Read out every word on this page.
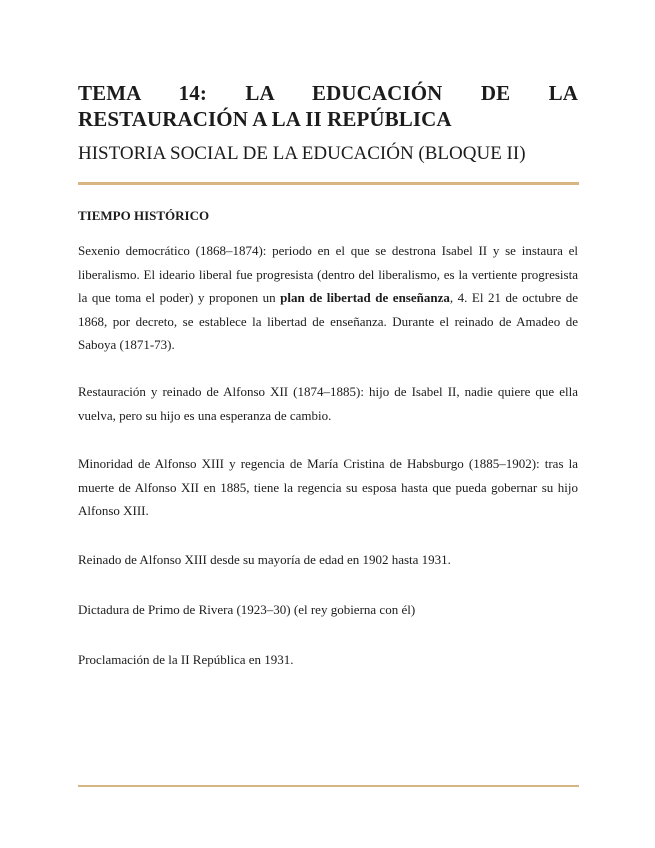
TEMA 14: LA EDUCACIÓN DE LA
RESTAURACIÓN A LA II REPÚBLICA
HISTORIA SOCIAL DE LA EDUCACIÓN (BLOQUE II)
TIEMPO HISTÓRICO

Sexenio democrático (1868–1874): periodo en el que se destrona Isabel II y se instaura el liberalismo. El ideario liberal fue progresista (dentro del liberalismo, es la vertiente progresista la que toma el poder) y proponen un plan de libertad de enseñanza, 4. El 21 de octubre de 1868, por decreto, se establece la libertad de enseñanza. Durante el reinado de Amadeo de Saboya (1871-73).

Restauración y reinado de Alfonso XII (1874–1885): hijo de Isabel II, nadie quiere que ella vuelva, pero su hijo es una esperanza de cambio.

Minoridad de Alfonso XIII y regencia de María Cristina de Habsburgo (1885–1902): tras la muerte de Alfonso XII en 1885, tiene la regencia su esposa hasta que pueda gobernar su hijo Alfonso XIII.

Reinado de Alfonso XIII desde su mayoría de edad en 1902 hasta 1931.

Dictadura de Primo de Rivera (1923–30) (el rey gobierna con él)

Proclamación de la II República en 1931.
